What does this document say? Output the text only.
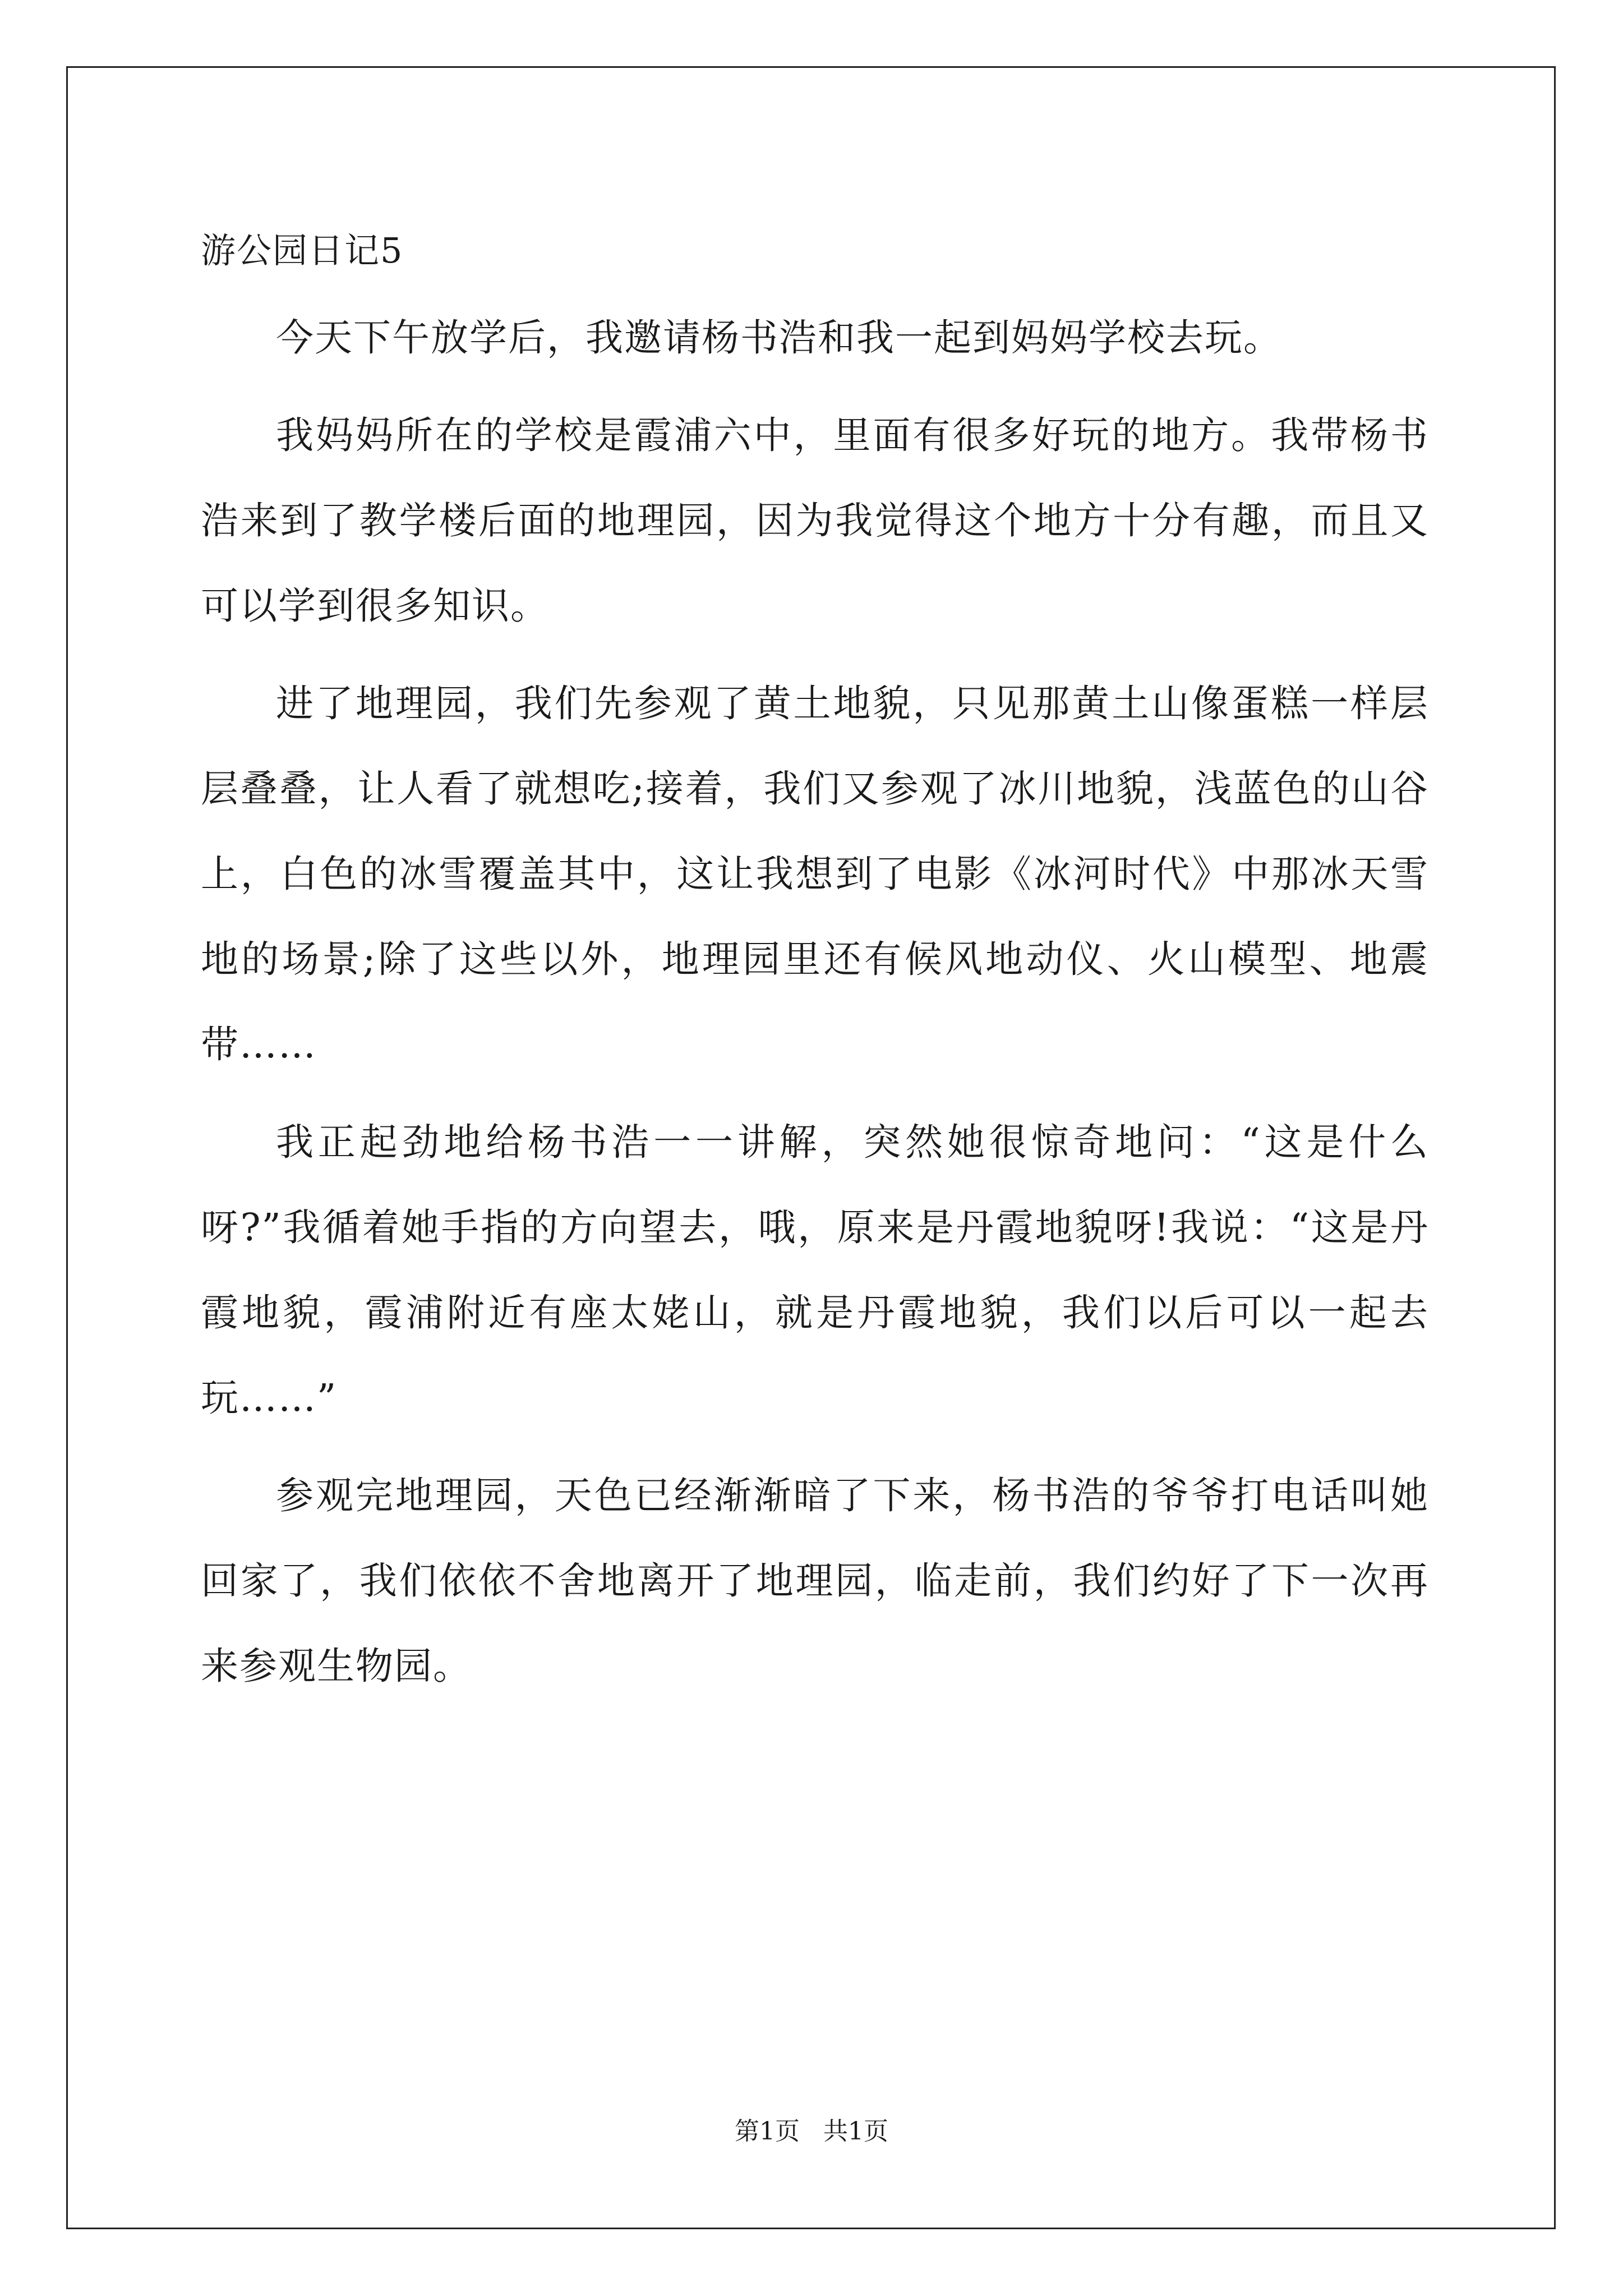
游公园日记5

今天下午放学后，我邀请杨书浩和我一起到妈妈学校去玩。

我妈妈所在的学校是霞浦六中，里面有很多好玩的地方。我带杨书浩来到了教学楼后面的地理园，因为我觉得这个地方十分有趣，而且又可以学到很多知识。

进了地理园，我们先参观了黄土地貌，只见那黄土山像蛋糕一样层层叠叠，让人看了就想吃;接着，我们又参观了冰川地貌，浅蓝色的山谷上，白色的冰雪覆盖其中，这让我想到了电影《冰河时代》中那冰天雪地的场景;除了这些以外，地理园里还有候风地动仪、火山模型、地震带……

我正起劲地给杨书浩一一讲解，突然她很惊奇地问：“这是什么呀?”我循着她手指的方向望去，哦，原来是丹霞地貌呀!我说：“这是丹霞地貌，霞浦附近有座太姥山，就是丹霞地貌，我们以后可以一起去玩……”

参观完地理园，天色已经渐渐暗了下来，杨书浩的爷爷打电话叫她回家了，我们依依不舍地离开了地理园，临走前，我们约好了下一次再来参观生物园。

第1页   共1页
